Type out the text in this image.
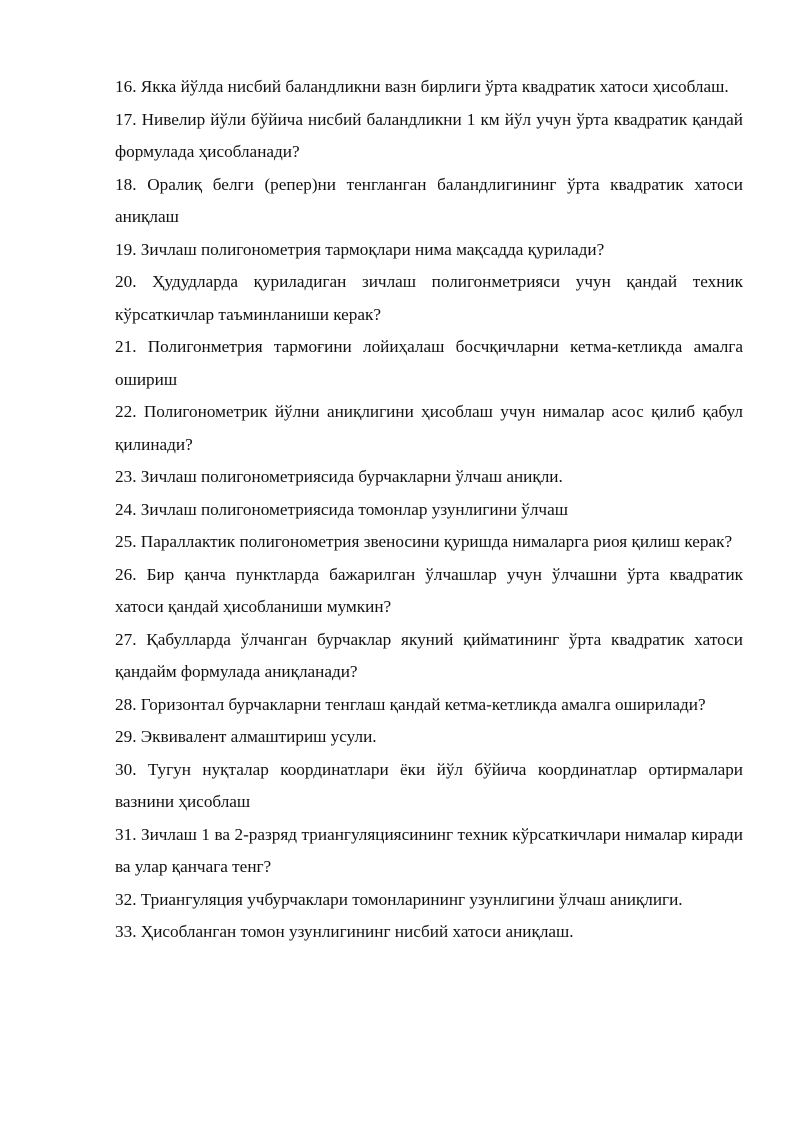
16. Якка йўлда нисбий баландликни вазн бирлиги ўрта квадратик хатоси ҳисоблаш.

17. Нивелир йўли бўйича нисбий баландликни 1 км йўл учун ўрта квадратик қандай формулада ҳисобланади?

18. Оралиқ белги (репер)ни тенгланган баландлигининг ўрта квадратик хатоси аниқлаш

19. Зичлаш полигонометрия тармоқлари нима мақсадда қурилади?

20. Ҳудудларда қуриладиган зичлаш полигонметрияси учун қандай техник кўрсаткичлар таъминланиши керак?

21. Полигонметрия тармоғини лойиҳалаш босчқичларни кетма-кетликда амалга ошириш

22. Полигонометрик йўлни аниқлигини ҳисоблаш учун нималар асос қилиб қабул қилинади?

23. Зичлаш полигонометриясида бурчакларни ўлчаш аниқли.

24. Зичлаш полигонометриясида томонлар узунлигини ўлчаш

25. Параллактик полигонометрия звеносини қуришда нималарга риоя қилиш керак?

26. Бир қанча пунктларда бажарилган ўлчашлар учун ўлчашни ўрта квадратик хатоси қандай ҳисобланиши мумкин?

27. Қабулларда ўлчанган бурчаклар якуний қийматининг ўрта квадратик хатоси қандайм формулада аниқланади?

28. Горизонтал бурчакларни тенглаш қандай кетма-кетликда амалга оширилади?

29. Эквивалент алмаштириш усули.

30. Тугун нуқталар координатлари ёки йўл бўйича координатлар ортирмалари вазнини ҳисоблаш

31. Зичлаш 1 ва 2-разряд триангуляциясининг техник кўрсаткичлари нималар киради ва улар қанчага тенг?

32. Триангуляция учбурчаклари томонларининг узунлигини ўлчаш аниқлиги.

33. Ҳисобланган томон узунлигининг нисбий хатоси аниқлаш.
